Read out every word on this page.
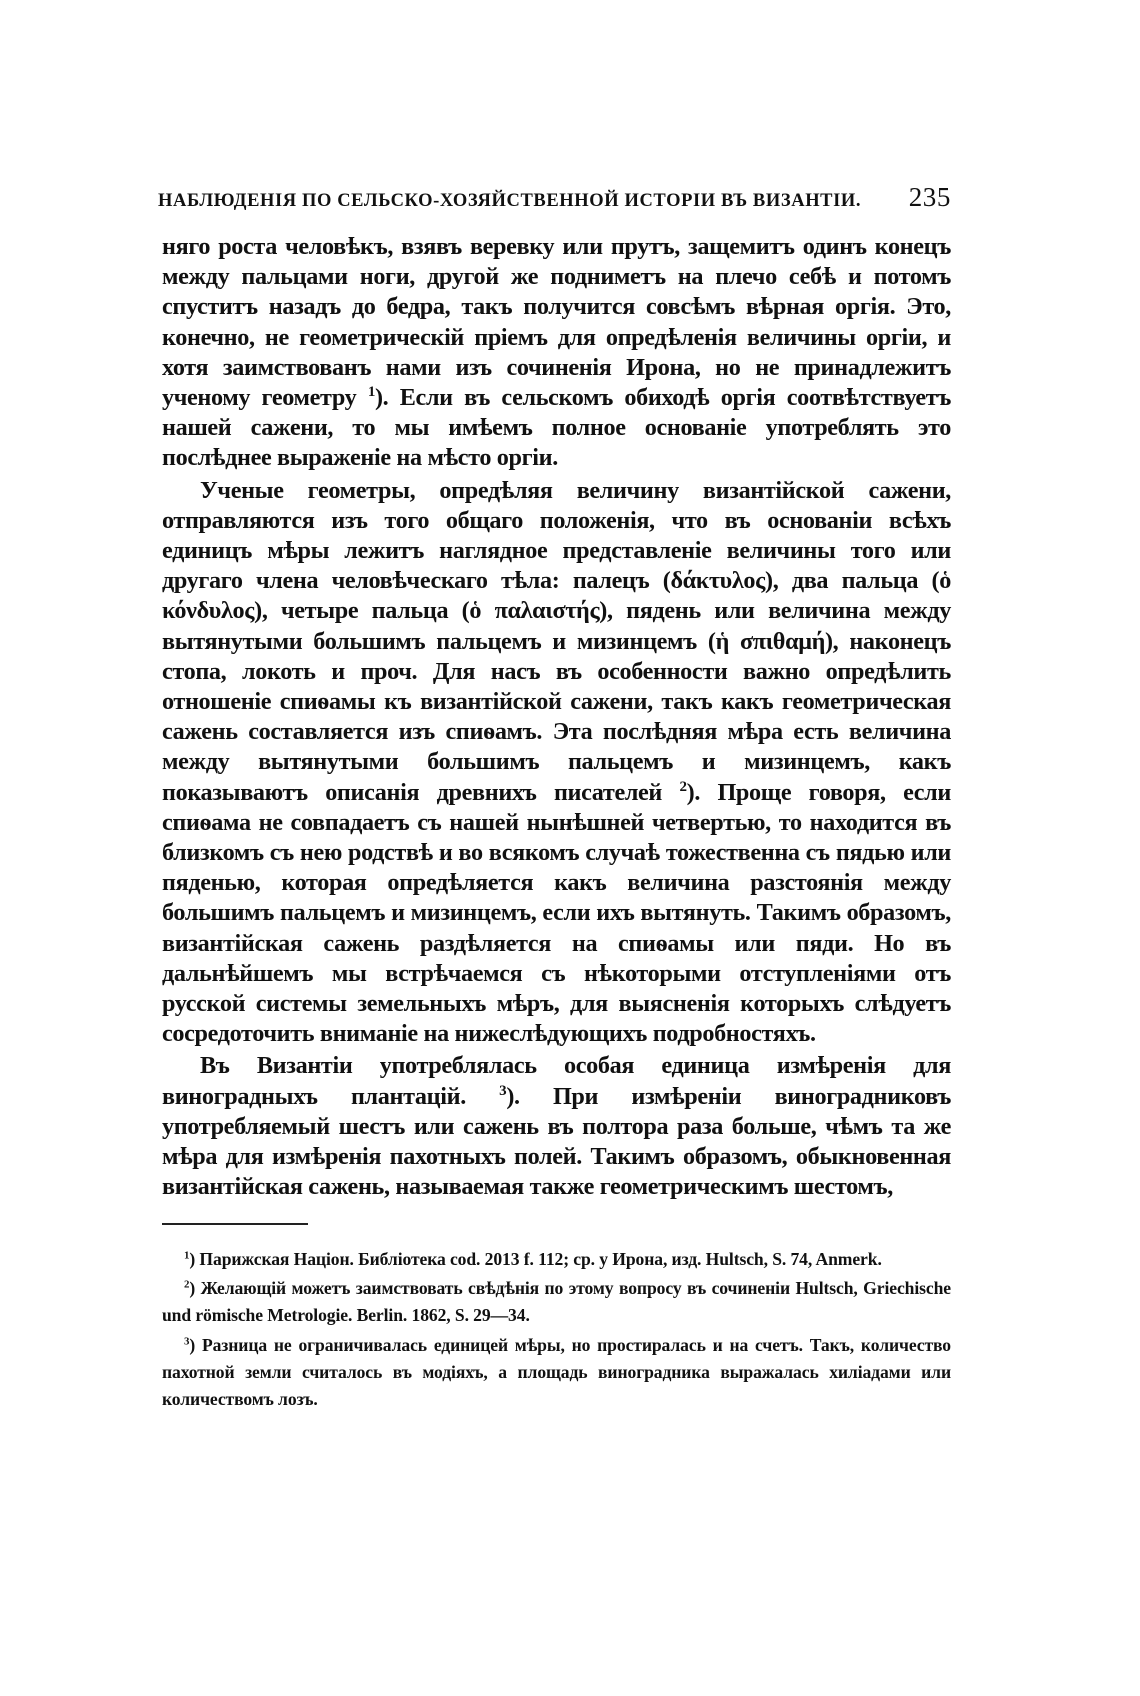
НАБЛЮДЕНІЯ ПО СЕЛЬСКО-ХОЗЯЙСТВЕННОЙ ИСТОРІИ ВЪ ВИЗАНТІИ. 235

няго роста человѣкъ, взявъ веревку или прутъ, защемитъ одинъ конецъ между пальцами ноги, другой же подниметъ на плечо себѣ и потомъ спуститъ назадъ до бедра, такъ получится совсѣмъ вѣрная оргія. Это, конечно, не геометрическій пріемъ для опредѣленія величины оргіи, и хотя заимствованъ нами изъ сочиненія Ирона, но не принадлежитъ ученому геометру $^1$). Если въ сельскомъ обиходѣ оргія соотвѣтствуетъ нашей сажени, то мы имѣемъ полное основаніе употреблять это послѣднее выраженіе на мѣсто оргіи.

Ученые геометры, опредѣляя величину византійской сажени, отправляются изъ того общаго положенія, что въ основаніи всѣхъ единицъ мѣры лежитъ наглядное представленіе величины того или другаго члена человѣческаго тѣла: палецъ (δάκτυλος), два пальца (ὁ κόνδυλος), четыре пальца (ὁ παλαιστής), пядень или величина между вытянутыми большимъ пальцемъ и мизинцемъ (ἡ σπιθαμή), наконецъ стопа, локоть и проч. Для насъ въ особенности важно опредѣлить отношеніе спиѳамы къ византійской сажени, такъ какъ геометрическая сажень составляется изъ спиѳамъ. Эта послѣдняя мѣра есть величина между вытянутыми большимъ пальцемъ и мизинцемъ, какъ показываютъ описанія древнихъ писателей $^2$). Проще говоря, если спиѳама не совпадаетъ съ нашей нынѣшней четвертью, то находится въ близкомъ съ нею родствѣ и во всякомъ случаѣ тожественна съ пядью или пяденью, которая опредѣляется какъ величина разстоянія между большимъ пальцемъ и мизинцемъ, если ихъ вытянуть. Такимъ образомъ, византійская сажень раздѣляется на спиѳамы или пяди. Но въ дальнѣйшемъ мы встрѣчаемся съ нѣкоторыми отступленіями отъ русской системы земельныхъ мѣръ, для выясненія которыхъ слѣдуетъ сосредоточить вниманіе на нижеслѣдующихъ подробностяхъ.

Въ Византіи употреблялась особая единица измѣренія для виноградныхъ плантацій. $^3$). При измѣреніи виноградниковъ употребляемый шестъ или сажень въ полтора раза больше, чѣмъ та же мѣра для измѣренія пахотныхъ полей. Такимъ образомъ, обыкновенная византійская сажень, называемая также геометрическимъ шестомъ,

$^1$) Парижская Націон. Библіотека cod. 2013 f. 112; ср. у Ирона, изд. Hultsch, S. 74, Anmerk.

$^2$) Желающій можетъ заимствовать свѣдѣнія по этому вопросу въ сочиненіи Hultsch, Griechische und römische Metrologie. Berlin. 1862, S. 29—34.

$^3$) Разница не ограничивалась единицей мѣры, но простиралась и на счетъ. Такъ, количество пахотной земли считалось въ модіяхъ, а площадь виноградника выражалась хиліадами или количествомъ лозъ.
